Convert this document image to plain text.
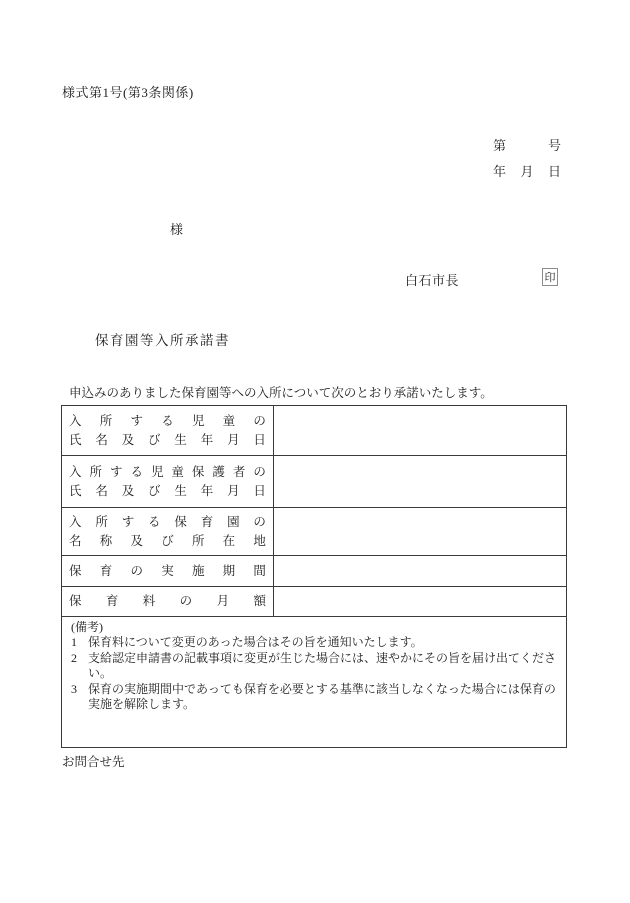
様式第1号(第3条関係)
第	号
年 月 日
様
白石市長	印
保育園等入所承諾書
申込みのありました保育園等への入所について次のとおり承諾いたします。
入 所 す る 児 童 の
氏 名 及 び 生 年 月 日
入 所 す る 児 童 保 護 者 の
氏 名 及 び 生 年 月 日
入 所 す る 保 育 園 の
名 称 及 び 所 在 地
保 育 の 実 施 期 間
保 育 料 の 月 額
(備考)
1 保育料について変更のあった場合はその旨を通知いたします。
2 支給認定申請書の記載事項に変更が生じた場合には、速やかにその旨を届け出てください。
3 保育の実施期間中であっても保育を必要とする基準に該当しなくなった場合には保育の実施を解除します。
お問合せ先
